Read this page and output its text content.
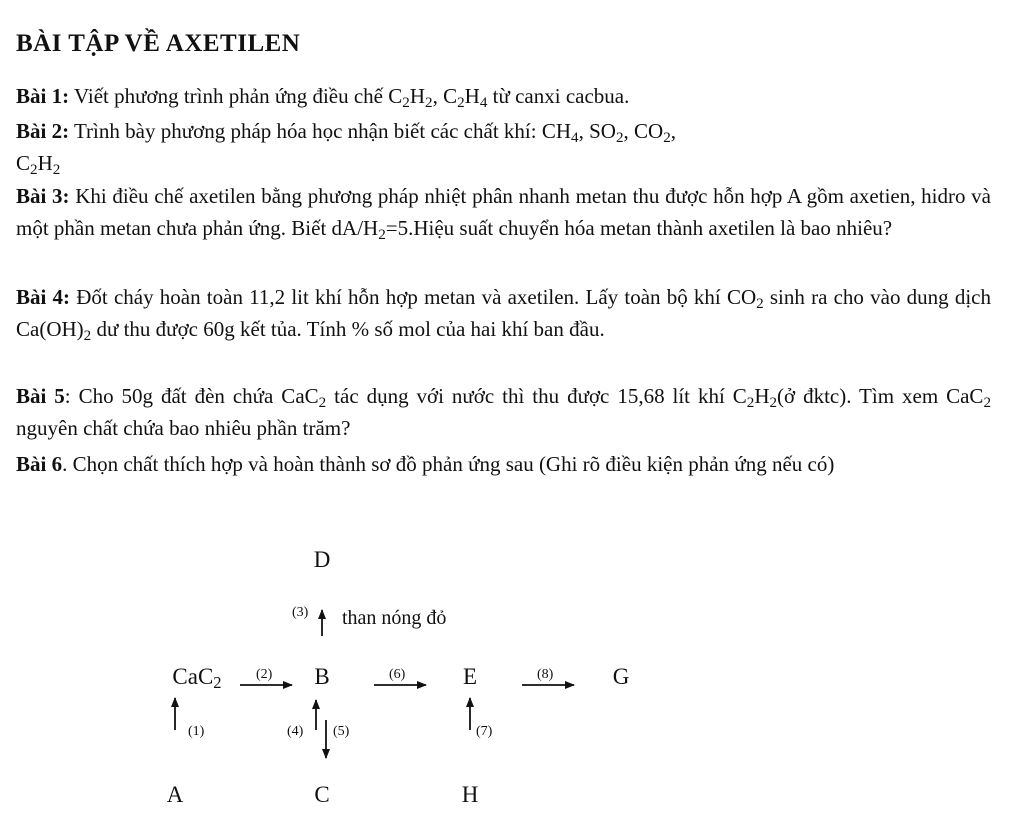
BÀI TẬP VỀ AXETILEN
Bài 1: Viết phương trình phản ứng điều chế $C_2H_2$, $C_2H_4$ từ canxi cacbua.
Bài 2: Trình bày phương pháp hóa học nhận biết các chất khí: $CH_4$, $SO_2$, $CO_2$,
$C_2H_2$
Bài 3: Khi điều chế axetilen bằng phương pháp nhiệt phân nhanh metan thu được hỗn hợp A gồm axetien, hidro và một phần metan chưa phản ứng. Biết $dA/H_2=5.Hiệu$ suất chuyển hóa metan thành axetilen là bao nhiêu?
Bài 4: Đốt cháy hoàn toàn 11,2 lit khí hỗn hợp metan và axetilen. Lấy toàn bộ khí $CO_2$ sinh ra cho vào dung dịch $Ca(OH)_2$ dư thu được 60g kết tủa. Tính % số mol của hai khí ban đầu.
Bài 5: Cho 50g đất đèn chứa CaC$_2$ tác dụng với nước thì thu được 15,68 lít khí $C_2H_2(ở$ đktc). Tìm xem CaC$_2$ nguyên chất chứa bao nhiêu phần trăm?
Bài 6. Chọn chất thích hợp và hoàn thành sơ đồ phản ứng sau (Ghi rõ điều kiện phản ứng nếu có)
D
(3) than nóng đỏ
CaC$_2$ (2) B	(6)	E	(8)	G
(1)	(4) (5)	(7)
A	C	H
